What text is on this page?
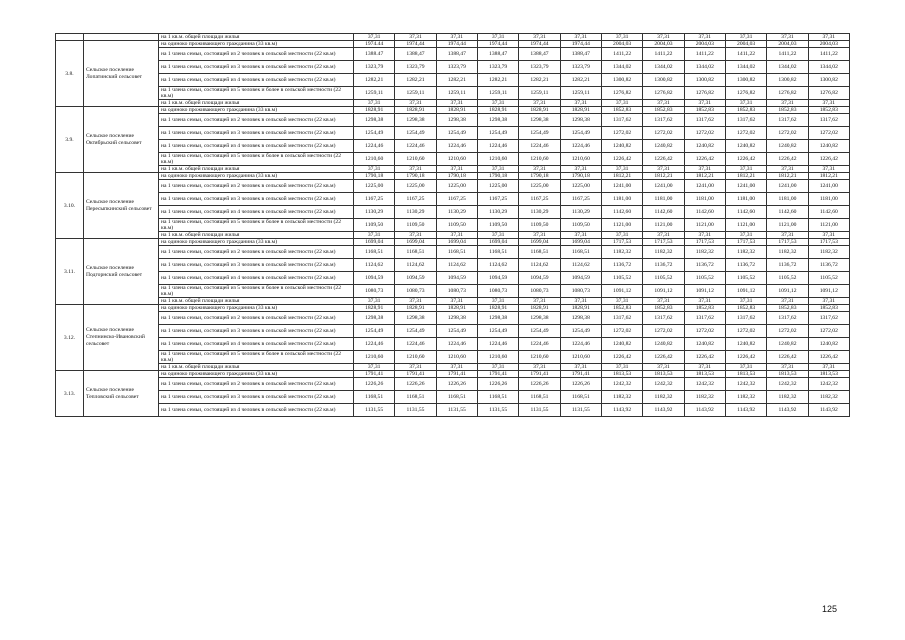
		на 1 кв.м. общей площади жилья	37,31	37,31	37,31	37,31	37,31	37,31	37,31	37,31	37,31	37,31	37,31	37,31
3.8.	Сельское поселение Лопатинский сельсовет	на одиноко проживающего гражданина (33 кв.м)	1974.44	1974,44	1974,44	1974,44	1974,44	1974,44	2004,03	2004,03	2004,03	2004,03	2004,03	2004,03
		на 1 члена семьи, состоящей из 2 человек в сельской местности (22 кв.м)	1388.47	1388,47	1388,47	1388,47	1388,47	1388,47	1411,22	1411,22	1411,22	1411,22	1411,22	1411,22
		на 1 члена семьи, состоящей из 3 человек в сельской местности (22 кв.м)	1323,79	1323,79	1323,79	1323,79	1323,79	1323,79	1344,02	1344,02	1344,02	1344,02	1344,02	1344,02
		на 1 члена семьи, состоящей из 4 человек в сельской местности (22 кв.м)	1282,21	1282,21	1282,21	1282,21	1282,21	1282,21	1300,82	1300,82	1300,82	1300,82	1300,82	1300,82
		на 1 члена семьи, состоящей из 5 человек и более в сельской местности (22 кв.м)	1259,11	1259,11	1259,11	1259,11	1259,11	1259,11	1276,82	1276,82	1276,82	1276,82	1276,82	1276,82
		на 1 кв.м. общей площади жилья	37,31	37,31	37,31	37,31	37,31	37,31	37,31	37,31	37,31	37,31	37,31	37,31
3.9.	Сельское поселение Октябрьский сельсовет	на одиноко проживающего гражданина (33 кв.м)	1828,91	1828,91	1828,91	1828,91	1828,91	1828,91	1852,83	1852,83	1852,83	1852,83	1852,83	1852,83
		на 1 члена семьи, состоящей из 2 человек в сельской местности (22 кв.м)	1298,38	1298,38	1298,38	1298,38	1298,38	1298,38	1317,62	1317,62	1317,62	1317,62	1317,62	1317,62
		на 1 члена семьи, состоящей из 3 человек в сельской местности (22 кв.м)	1254,49	1254,49	1254,49	1254,49	1254,49	1254,49	1272,02	1272,02	1272,02	1272,02	1272,02	1272,02
		на 1 члена семьи, состоящей из 4 человек в сельской местности (22 кв.м)	1224,46	1224,46	1224,46	1224,46	1224,46	1224,46	1240,82	1240,82	1240,82	1240,82	1240,82	1240,82
		на 1 члена семьи, состоящей из 5 человек и более в сельской местности (22 кв.м)	1210,60	1210,60	1210,60	1210,60	1210,60	1210,60	1226,42	1226,42	1226,42	1226,42	1226,42	1226,42
		на 1 кв.м. общей площади жилья	37,31	37,31	37,31	37,31	37,31	37,31	37,31	37,31	37,31	37,31	37,31	37,31
3.10.	Сельское поселение Пересыпкинский сельсовет	на одиноко проживающего гражданина (33 кв.м)	1790,18	1790,18	1790,18	1790,18	1790,18	1790,18	1812,21	1812,21	1812,21	1812,21	1812,21	1812,21
		на 1 члена семьи, состоящей из 2 человек в сельской местности (22 кв.м)	1225,00	1225,00	1225,00	1225,00	1225,00	1225,00	1241,00	1241,00	1241,00	1241,00	1241,00	1241,00
		на 1 члена семьи, состоящей из 3 человек в сельской местности (22 кв.м)	1167,25	1167,25	1167,25	1167,25	1167,25	1167,25	1181,00	1181,00	1181,00	1181,00	1181,00	1181,00
		на 1 члена семьи, состоящей из 4 человек в сельской местности (22 кв.м)	1130,29	1130,29	1130,29	1130,29	1130,29	1130,29	1142,60	1142,60	1142,60	1142,60	1142,60	1142,60
		на 1 члена семьи, состоящей из 5 человек и более в сельской местности (22 кв.м)	1109,50	1109,50	1109,50	1109,50	1109,50	1109,50	1121,00	1121,00	1121,00	1121,00	1121,00	1121,00
		на 1 кв.м. общей площади жилья	37,31	37,31	37,31	37,31	37,31	37,31	37,31	37,31	37,31	37,31	37,31	37,31
3.11.	Сельское поселение Подгорнский сельсовет	на одиноко проживающего гражданина (33 кв.м)	1699,04	1699,04	1699,04	1699,04	1699,04	1699,04	1717,53	1717,53	1717,53	1717,53	1717,53	1717,53
		на 1 члена семьи, состоящей из 2 человек в сельской местности (22 кв.м)	1168,51	1168,51	1168,51	1168,51	1168,51	1168,51	1182,32	1182,32	1182,32	1182,32	1182,32	1182,32
		на 1 члена семьи, состоящей из 3 человек в сельской местности (22 кв.м)	1124,62	1124,62	1124,62	1124,62	1124,62	1124,62	1136,72	1136,72	1136,72	1136,72	1136,72	1136,72
		на 1 члена семьи, состоящей из 4 человек в сельской местности (22 кв.м)	1094,59	1094,59	1094,59	1094,59	1094,59	1094,59	1105,52	1105,52	1105,52	1105,52	1105,52	1105,52
		на 1 члена семьи, состоящей из 5 человек и более в сельской местности (22 кв.м)	1080,73	1080,73	1080,73	1080,73	1080,73	1080,73	1091,12	1091,12	1091,12	1091,12	1091,12	1091,12
		на 1 кв.м. общей площади жилья	37,31	37,31	37,31	37,31	37,31	37,31	37,31	37,31	37,31	37,31	37,31	37,31
3.12.	Сельское поселение Степнинско-Ивановский сельсовет	на одиноко проживающего гражданина (33 кв.м)	1828,91	1828,91	1828,91	1828,91	1828,91	1828,91	1852,83	1852,83	1852,83	1852,83	1852,83	1852,83
		на 1 члена семьи, состоящей из 2 человек в сельской местности (22 кв.м)	1298,38	1298,38	1298,38	1298,38	1298,38	1298,38	1317,62	1317,62	1317,62	1317,62	1317,62	1317,62
		на 1 члена семьи, состоящей из 3 человек в сельской местности (22 кв.м)	1254,49	1254,49	1254,49	1254,49	1254,49	1254,49	1272,02	1272,02	1272,02	1272,02	1272,02	1272,02
		на 1 члена семьи, состоящей из 4 человек в сельской местности (22 кв.м)	1224,46	1224,46	1224,46	1224,46	1224,46	1224,46	1240,82	1240,82	1240,82	1240,82	1240,82	1240,82
		на 1 члена семьи, состоящей из 5 человек и более в сельской местности (22 кв.м)	1210,60	1210,60	1210,60	1210,60	1210,60	1210,60	1226,42	1226,42	1226,42	1226,42	1226,42	1226,42
		на 1 кв.м. общей площади жилья	37,31	37,31	37,31	37,31	37,31	37,31	37,31	37,31	37,31	37,31	37,31	37,31
3.13.	Сельское поселение Тепловский сельсовет	на одиноко проживающего гражданина (33 кв.м)	1791,41	1791,41	1791,41	1791,41	1791,41	1791,41	1813,53	1813,53	1813,53	1813,53	1813,53	1813,53
		на 1 члена семьи, состоящей из 2 человек в сельской местности (22 кв.м)	1226,26	1226,26	1226,26	1226,26	1226,26	1226,26	1242,32	1242,32	1242,32	1242,32	1242,32	1242,32
		на 1 члена семьи, состоящей из 3 человек в сельской местности (22 кв.м)	1168,51	1168,51	1168,51	1168,51	1168,51	1168,51	1182,32	1182,32	1182,32	1182,32	1182,32	1182,32
		на 1 члена семьи, состоящей из 4 человек в сельской местности (22 кв.м)	1131,55	1131,55	1131,55	1131,55	1131,55	1131,55	1143,92	1143,92	1143,92	1143,92	1143,92	1143,92
125
